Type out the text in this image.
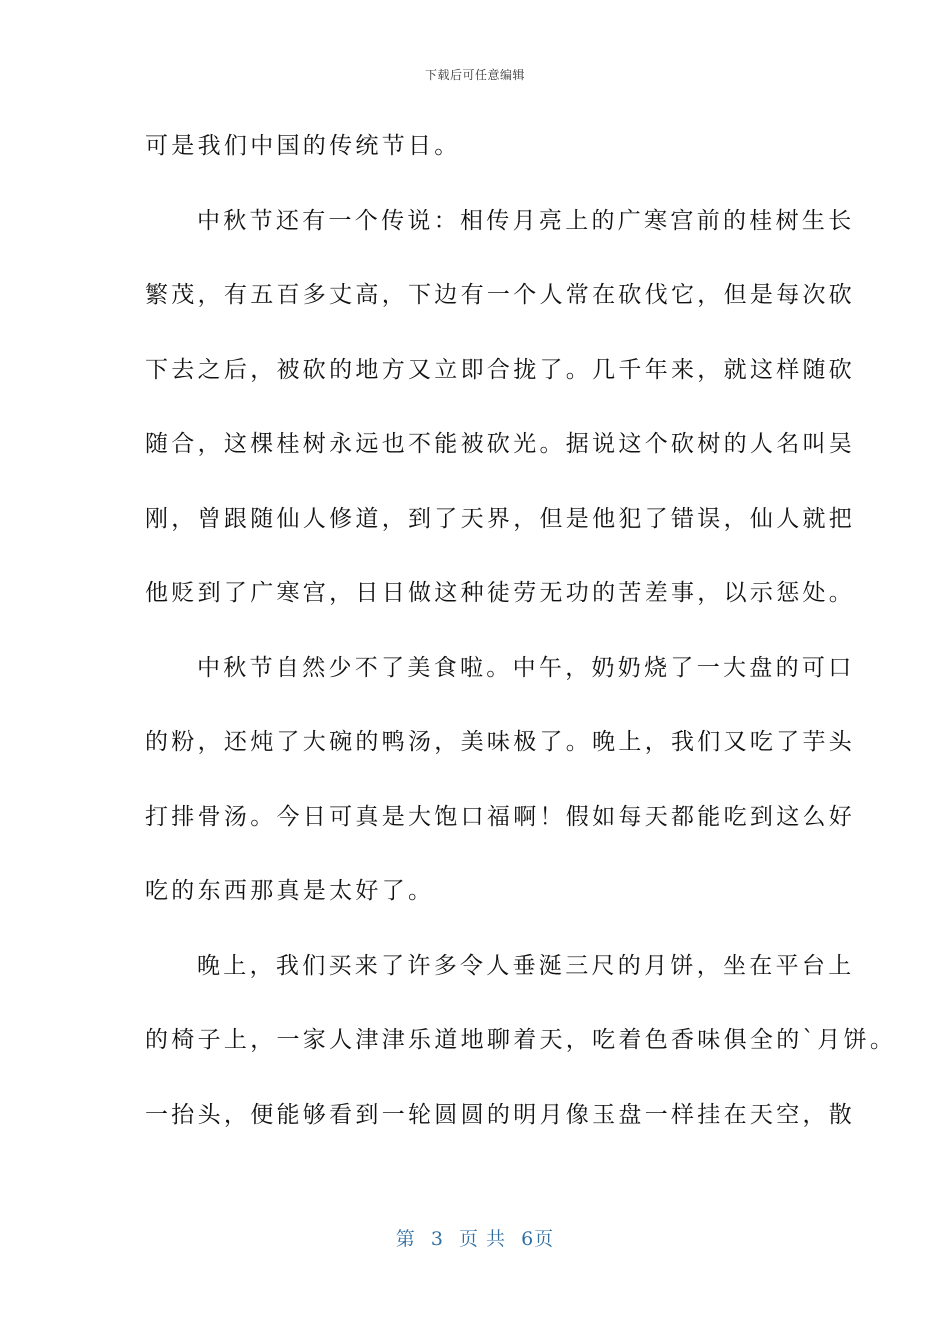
下载后可任意编辑
可是我们中国的传统节日。
中秋节还有一个传说：相传月亮上的广寒宫前的桂树生长
繁茂，有五百多丈高，下边有一个人常在砍伐它，但是每次砍
下去之后，被砍的地方又立即合拢了。几千年来，就这样随砍
随合，这棵桂树永远也不能被砍光。据说这个砍树的人名叫吴
刚，曾跟随仙人修道，到了天界，但是他犯了错误，仙人就把
他贬到了广寒宫，日日做这种徒劳无功的苦差事，以示惩处。
中秋节自然少不了美食啦。中午，奶奶烧了一大盘的可口
的粉，还炖了大碗的鸭汤，美味极了。晚上，我们又吃了芋头
打排骨汤。今日可真是大饱口福啊！假如每天都能吃到这么好
吃的东西那真是太好了。
晚上，我们买来了许多令人垂涎三尺的月饼，坐在平台上
的椅子上，一家人津津乐道地聊着天，吃着色香味俱全的`月饼。
一抬头，便能够看到一轮圆圆的明月像玉盘一样挂在天空，散
第 3 页 共 6页
